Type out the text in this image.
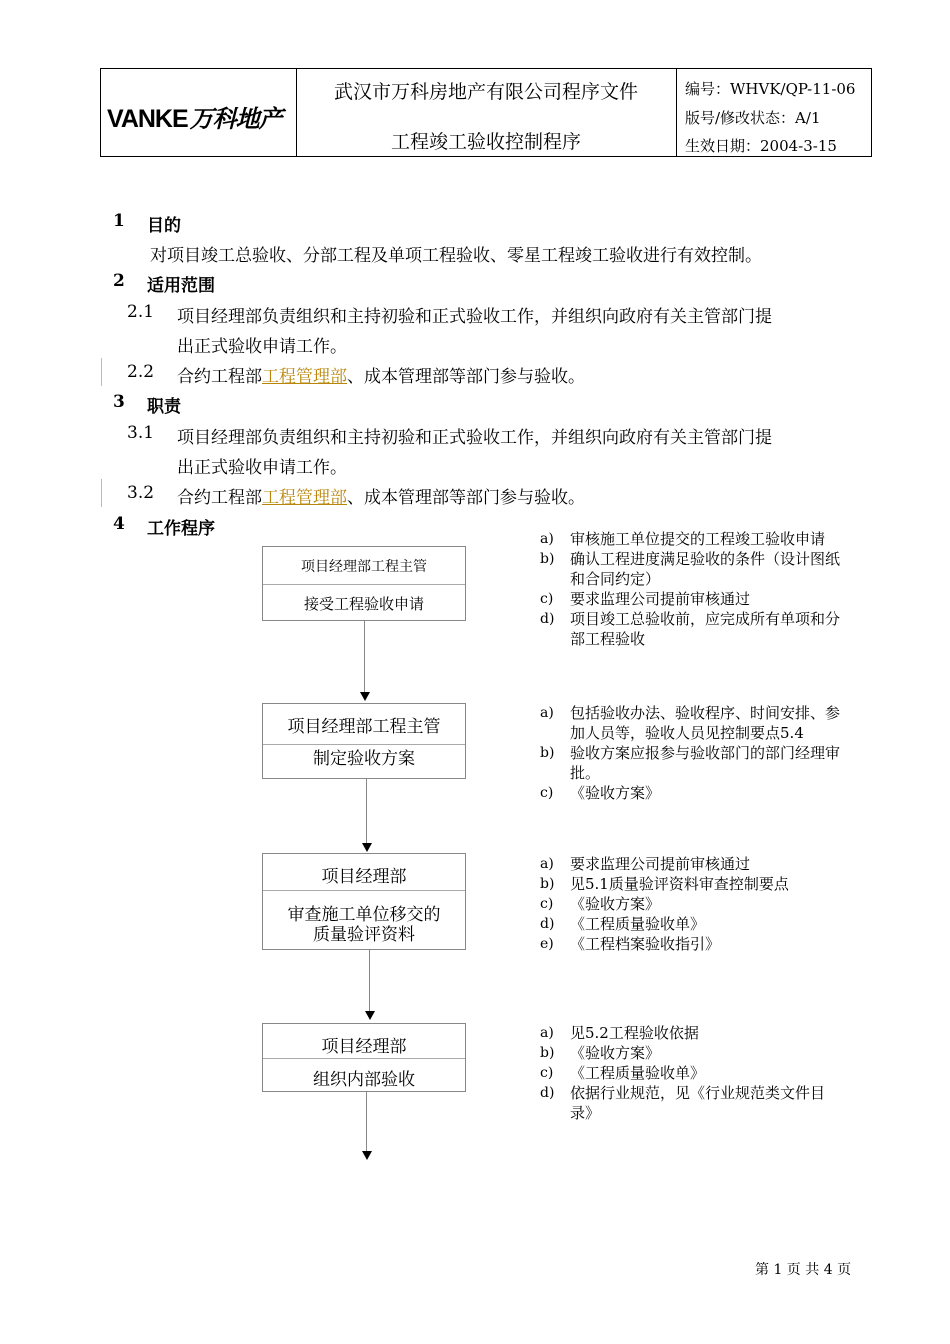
VANKE万科地产
武汉市万科房地产有限公司程序文件
工程竣工验收控制程序
编号：WHVK/QP-11-06
版号/修改状态：A/1
生效日期：2004-3-15
1 目的
对项目竣工总验收、分部工程及单项工程验收、零星工程竣工验收进行有效控制。
2 适用范围
2.1 项目经理部负责组织和主持初验和正式验收工作，并组织向政府有关主管部门提
出正式验收申请工作。
2.2 合约工程部工程管理部、成本管理部等部门参与验收。
3 职责
3.1 项目经理部负责组织和主持初验和正式验收工作，并组织向政府有关主管部门提
出正式验收申请工作。
3.2 合约工程部工程管理部、成本管理部等部门参与验收。
4 工作程序
项目经理部工程主管
接受工程验收申请
项目经理部工程主管
制定验收方案
项目经理部
审查施工单位移交的
质量验评资料
项目经理部
组织内部验收
a) 审核施工单位提交的工程竣工验收申请
b) 确认工程进度满足验收的条件（设计图纸和合同约定）
c) 要求监理公司提前审核通过
d) 项目竣工总验收前，应完成所有单项和分部工程验收
a) 包括验收办法、验收程序、时间安排、参加人员等，验收人员见控制要点5.4
b) 验收方案应报参与验收部门的部门经理审批。
c) 《验收方案》
a) 要求监理公司提前审核通过
b) 见5.1质量验评资料审查控制要点
c) 《验收方案》
d) 《工程质量验收单》
e) 《工程档案验收指引》
a) 见5.2工程验收依据
b) 《验收方案》
c) 《工程质量验收单》
d) 依据行业规范，见《行业规范类文件目录》
第 1 页 共 4 页
